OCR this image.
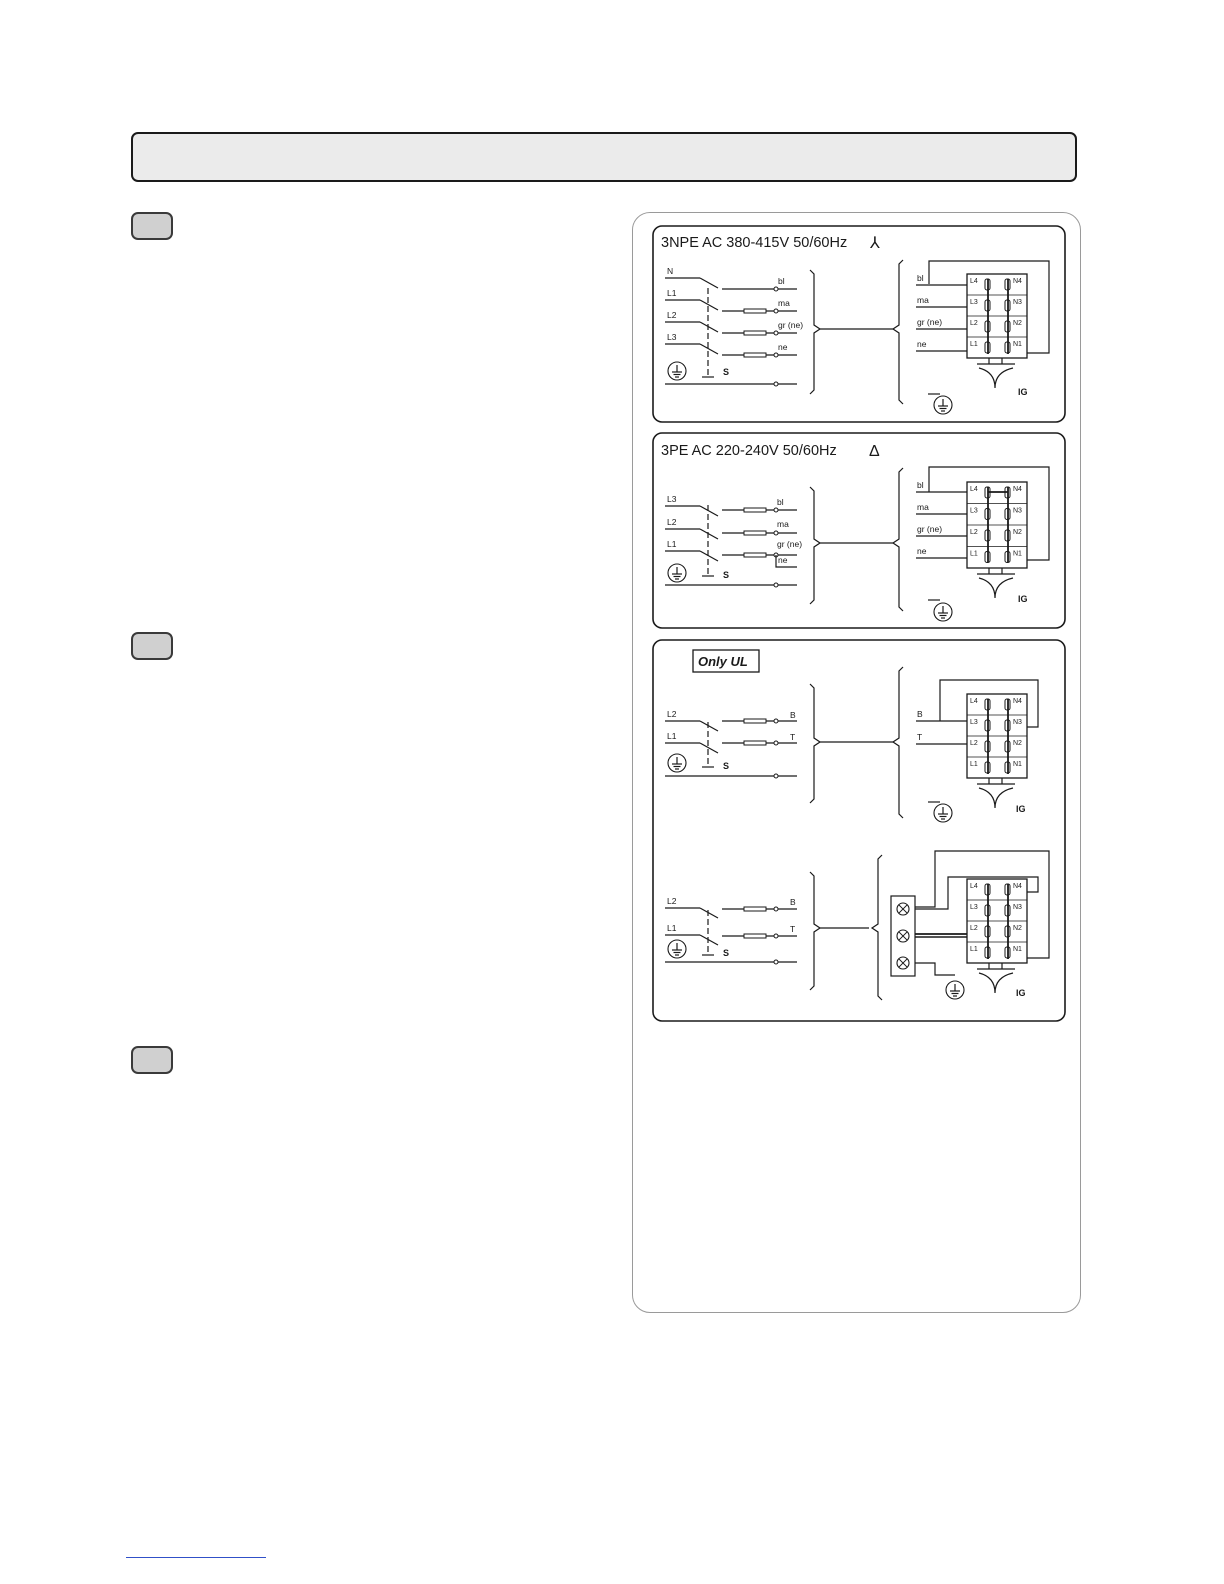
3NPE AC 380-415V 50/60Hz ⅄
3PE AC 220-240V 50/60Hz Δ
Only UL
N
bl
L1
ma
L2
gr (ne)
L3
ne
S
bl
ma
gr (ne)
ne
L4	N4
L3	N3
L2	N2
L1	N1
IG
L3
L2
L1
bl
ma
gr (ne)
ne
S
bl
ma
gr (ne)
ne
L4	N4
L3	N3
L2	N2
L1	N1
IG
L2	B
L1	T
S
B
T
L4	N4
L3	N3
L2	N2
L1	N1
IG
L2	B
L1	T
S
L4	N4
L3	N3
L2	N2
L1	N1
IG
